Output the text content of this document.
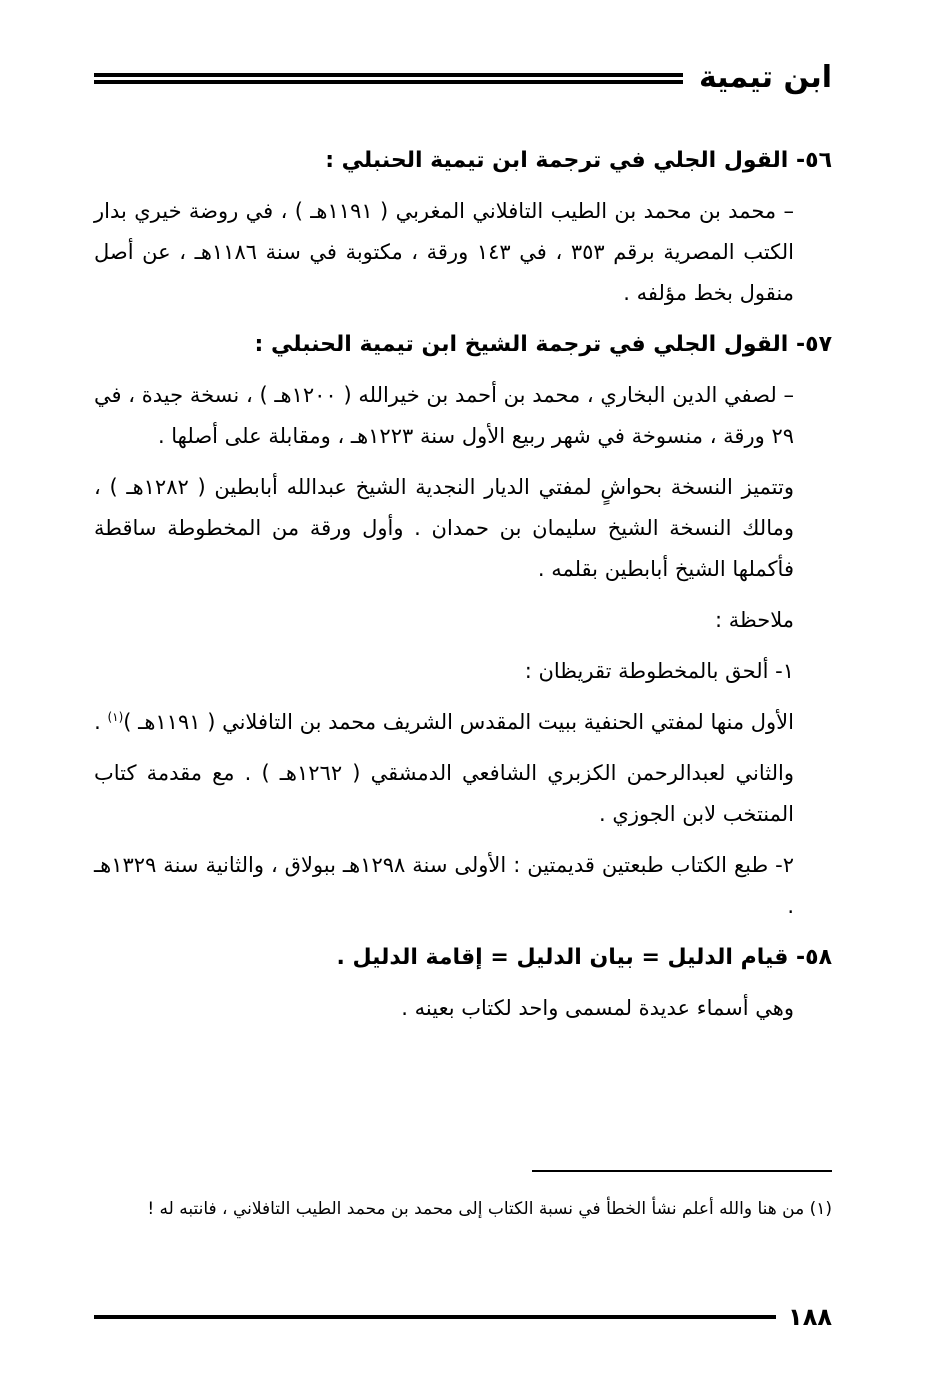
ابن تيمية
٥٦- القول الجلي في ترجمة ابن تيمية الحنبلي :
– محمد بن محمد بن الطيب التافلاني المغربي ( ١١٩١هـ ) ، في روضة خيري بدار الكتب المصرية برقم ٣٥٣ ، في ١٤٣ ورقة ، مكتوبة في سنة ١١٨٦هـ ، عن أصل منقول بخط مؤلفه .
٥٧- القول الجلي في ترجمة الشيخ ابن تيمية الحنبلي :
– لصفي الدين البخاري ، محمد بن أحمد بن خيرالله ( ١٢٠٠هـ ) ، نسخة جيدة ، في ٢٩ ورقة ، منسوخة في شهر ربيع الأول سنة ١٢٢٣هـ ، ومقابلة على أصلها .
وتتميز النسخة بحواشٍ لمفتي الديار النجدية الشيخ عبدالله أبابطين ( ١٢٨٢هـ ) ، ومالك النسخة الشيخ سليمان بن حمدان . وأول ورقة من المخطوطة ساقطة فأكملها الشيخ أبابطين بقلمه .
ملاحظة :
١- ألحق بالمخطوطة تقريظان :
الأول منها لمفتي الحنفية ببيت المقدس الشريف محمد بن التافلاني ( ١١٩١هـ )$^{(١)}$ .
والثاني لعبدالرحمن الكزبري الشافعي الدمشقي ( ١٢٦٢هـ ) . مع مقدمة كتاب المنتخب لابن الجوزي .
٢- طبع الكتاب طبعتين قديمتين : الأولى سنة ١٢٩٨هـ ببولاق ، والثانية سنة ١٣٢٩هـ .
٥٨- قيام الدليل = بيان الدليل = إقامة الدليل .
وهي أسماء عديدة لمسمى واحد لكتاب بعينه .
(١) من هنا والله أعلم نشأ الخطأ في نسبة الكتاب إلى محمد بن محمد الطيب التافلاني ، فانتبه له !
١٨٨
